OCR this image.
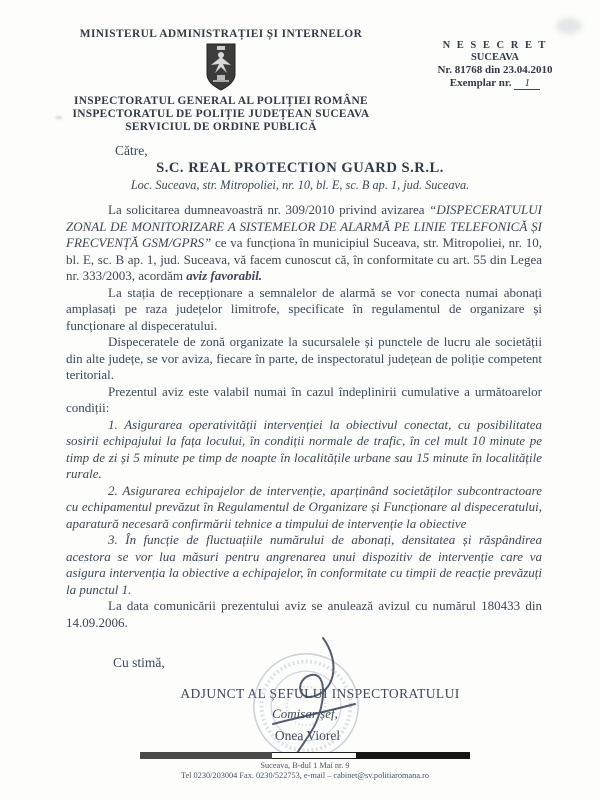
MINISTERUL ADMINISTRAȚIEI ȘI INTERNELOR
INSPECTORATUL GENERAL AL POLIȚIEI ROMÂNE
INSPECTORATUL DE POLIȚIE JUDEȚEAN SUCEAVA
SERVICIUL DE ORDINE PUBLICĂ
N E S E C R E T
SUCEAVA
Nr. 81768 din 23.04.2010
Exemplar nr. 1
Către,
S.C. REAL PROTECTION GUARD S.R.L.
Loc. Suceava, str. Mitropoliei, nr. 10, bl. E, sc. B ap. 1, jud. Suceava.

La solicitarea dumneavoastră nr. 309/2010 privind avizarea “DISPECERATULUI ZONAL DE MONITORIZARE A SISTEMELOR DE ALARMĂ PE LINIE TELEFONICĂ ȘI FRECVENȚĂ GSM/GPRS” ce va funcționa în municipiul Suceava, str. Mitropoliei, nr. 10, bl. E, sc. B ap. 1, jud. Suceava, vă facem cunoscut că, în conformitate cu art. 55 din Legea nr. 333/2003, acordăm aviz favorabil.

La stația de recepționare a semnalelor de alarmă se vor conecta numai abonați amplasați pe raza județelor limitrofe, specificate în regulamentul de organizare și funcționare al dispeceratului.

Dispeceratele de zonă organizate la sucursalele și punctele de lucru ale societății din alte județe, se vor aviza, fiecare în parte, de inspectoratul județean de poliție competent teritorial.

Prezentul aviz este valabil numai în cazul îndeplinirii cumulative a următoarelor condiții:

1. Asigurarea operativității intervenției la obiectivul conectat, cu posibilitatea sosirii echipajului la fața locului, în condiții normale de trafic, în cel mult 10 minute pe timp de zi și 5 minute pe timp de noapte în localitățile urbane sau 15 minute în localitățile rurale.

2. Asigurarea echipajelor de intervenție, aparținând societăților subcontractoare cu echipamentul prevăzut în Regulamentul de Organizare și Funcționare al dispeceratului, aparatură necesară confirmării tehnice a timpului de intervenție la obiective

3. În funcție de fluctuațiile numărului de abonați, densitatea și răspândirea acestora se vor lua măsuri pentru angrenarea unui dispozitiv de intervenție care va asigura intervenția la obiective a echipajelor, în conformitate cu timpii de reacție prevăzuți la punctul 1.

La data comunicării prezentului aviz se anulează avizul cu numărul 180433 din 14.09.2006.

Cu stimă,
ADJUNCT AL ȘEFULUI INSPECTORATULUI
Comisar șef,
Onea Viorel
Suceava, B-dul 1 Mai nr. 9
Tel 0230/203004 Fax. 0230/522753, e-mail – cabinet@sv.politiaromana.ro
